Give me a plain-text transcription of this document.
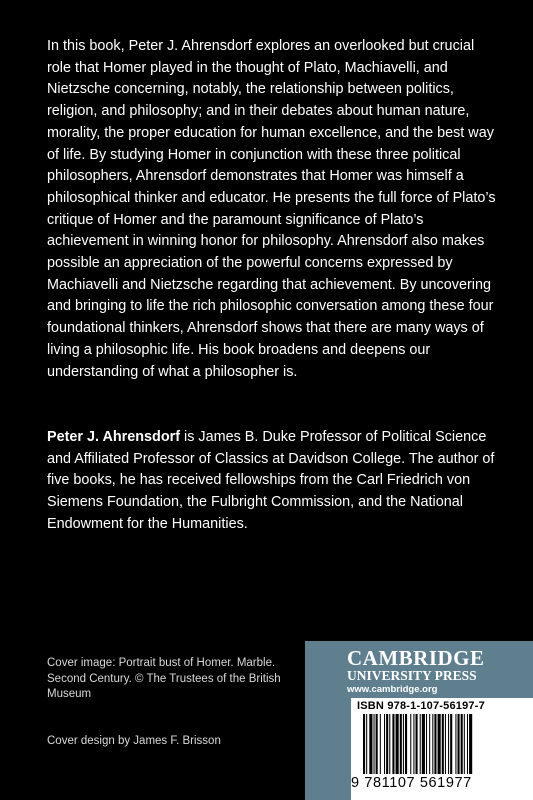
In this book, Peter J. Ahrensdorf explores an overlooked but crucial role that Homer played in the thought of Plato, Machiavelli, and Nietzsche concerning, notably, the relationship between politics, religion, and philosophy; and in their debates about human nature, morality, the proper education for human excellence, and the best way of life. By studying Homer in conjunction with these three political philosophers, Ahrensdorf demonstrates that Homer was himself a philosophical thinker and educator. He presents the full force of Plato’s critique of Homer and the paramount significance of Plato’s achievement in winning honor for philosophy. Ahrensdorf also makes possible an appreciation of the powerful concerns expressed by Machiavelli and Nietzsche regarding that achievement. By uncovering and bringing to life the rich philosophic conversation among these four foundational thinkers, Ahrensdorf shows that there are many ways of living a philosophic life. His book broadens and deepens our understanding of what a philosopher is.

Peter J. Ahrensdorf is James B. Duke Professor of Political Science and Affiliated Professor of Classics at Davidson College. The author of five books, he has received fellowships from the Carl Friedrich von Siemens Foundation, the Fulbright Commission, and the National Endowment for the Humanities.

Cover image: Portrait bust of Homer. Marble. Second Century. © The Trustees of the British Museum

Cover design by James F. Brisson

CAMBRIDGE
UNIVERSITY PRESS
www.cambridge.org
ISBN 978-1-107-56197-7
9 781107 561977
